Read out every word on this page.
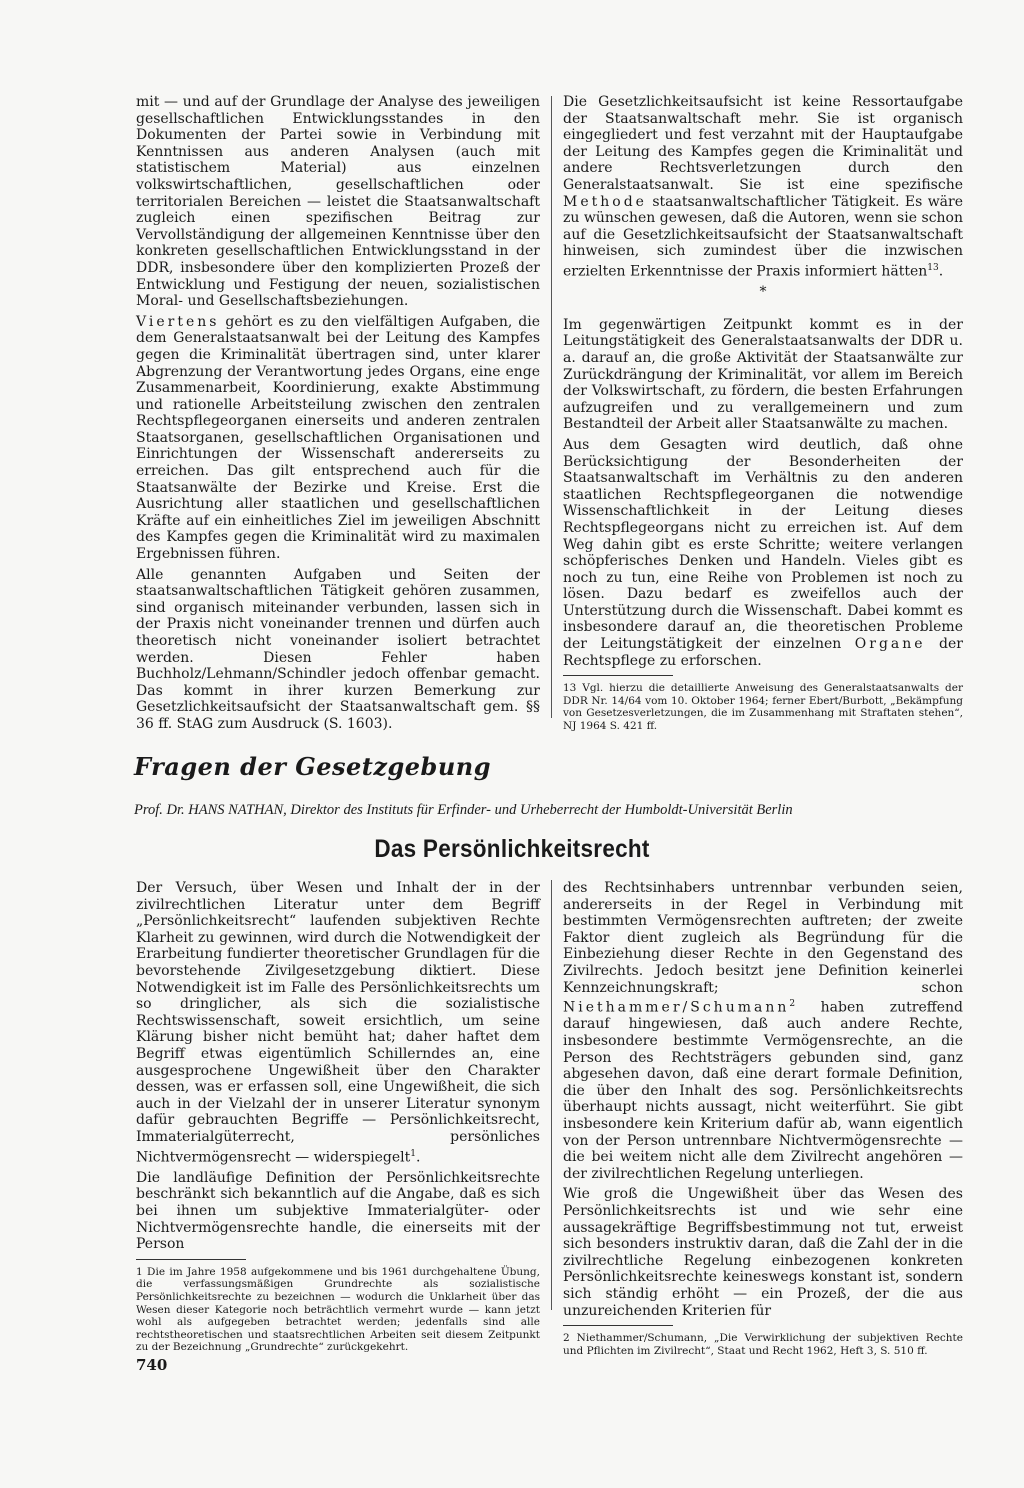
mit — und auf der Grundlage der Analyse des jeweiligen gesellschaftlichen Entwicklungsstandes in den Dokumenten der Partei sowie in Verbindung mit Kenntnissen aus anderen Analysen (auch mit statistischem Material) aus einzelnen volkswirtschaftlichen, gesellschaftlichen oder territorialen Bereichen — leistet die Staatsanwaltschaft zugleich einen spezifischen Beitrag zur Vervollständigung der allgemeinen Kenntnisse über den konkreten gesellschaftlichen Entwicklungsstand in der DDR, insbesondere über den komplizierten Prozeß der Entwicklung und Festigung der neuen, sozialistischen Moral- und Gesellschaftsbeziehungen.

Viertens gehört es zu den vielfältigen Aufgaben, die dem Generalstaatsanwalt bei der Leitung des Kampfes gegen die Kriminalität übertragen sind, unter klarer Abgrenzung der Verantwortung jedes Organs, eine enge Zusammenarbeit, Koordinierung, exakte Abstimmung und rationelle Arbeitsteilung zwischen den zentralen Rechtspflegeorganen einerseits und anderen zentralen Staatsorganen, gesellschaftlichen Organisationen und Einrichtungen der Wissenschaft andererseits zu erreichen. Das gilt entsprechend auch für die Staatsanwälte der Bezirke und Kreise. Erst die Ausrichtung aller staatlichen und gesellschaftlichen Kräfte auf ein einheitliches Ziel im jeweiligen Abschnitt des Kampfes gegen die Kriminalität wird zu maximalen Ergebnissen führen.

Alle genannten Aufgaben und Seiten der staatsanwaltschaftlichen Tätigkeit gehören zusammen, sind organisch miteinander verbunden, lassen sich in der Praxis nicht voneinander trennen und dürfen auch theoretisch nicht voneinander isoliert betrachtet werden. Diesen Fehler haben Buchholz/Lehmann/Schindler jedoch offenbar gemacht. Das kommt in ihrer kurzen Bemerkung zur Gesetzlichkeitsaufsicht der Staatsanwaltschaft gem. §§ 36 ff. StAG zum Ausdruck (S. 1603).

Die Gesetzlichkeitsaufsicht ist keine Ressortaufgabe der Staatsanwaltschaft mehr. Sie ist organisch eingegliedert und fest verzahnt mit der Hauptaufgabe der Leitung des Kampfes gegen die Kriminalität und andere Rechtsverletzungen durch den Generalstaatsanwalt. Sie ist eine spezifische Methode staatsanwaltschaftlicher Tätigkeit. Es wäre zu wünschen gewesen, daß die Autoren, wenn sie schon auf die Gesetzlichkeitsaufsicht der Staatsanwaltschaft hinweisen, sich zumindest über die inzwischen erzielten Erkenntnisse der Praxis informiert hätten$^{13}$.

*

Im gegenwärtigen Zeitpunkt kommt es in der Leitungstätigkeit des Generalstaatsanwalts der DDR u. a. darauf an, die große Aktivität der Staatsanwälte zur Zurückdrängung der Kriminalität, vor allem im Bereich der Volkswirtschaft, zu fördern, die besten Erfahrungen aufzugreifen und zu verallgemeinern und zum Bestandteil der Arbeit aller Staatsanwälte zu machen.

Aus dem Gesagten wird deutlich, daß ohne Berücksichtigung der Besonderheiten der Staatsanwaltschaft im Verhältnis zu den anderen staatlichen Rechtspflegeorganen die notwendige Wissenschaftlichkeit in der Leitung dieses Rechtspflegeorgans nicht zu erreichen ist. Auf dem Weg dahin gibt es erste Schritte; weitere verlangen schöpferisches Denken und Handeln. Vieles gibt es noch zu tun, eine Reihe von Problemen ist noch zu lösen. Dazu bedarf es zweifellos auch der Unterstützung durch die Wissenschaft. Dabei kommt es insbesondere darauf an, die theoretischen Probleme der Leitungstätigkeit der einzelnen Organe der Rechtspflege zu erforschen.

13 Vgl. hierzu die detaillierte Anweisung des Generalstaatsanwalts der DDR Nr. 14/64 vom 10. Oktober 1964; ferner Ebert/Burbott, „Bekämpfung von Gesetzesverletzungen, die im Zusammenhang mit Straftaten stehen“, NJ 1964 S. 421 ff.
Fragen der Gesetzgebung
Prof. Dr. HANS NATHAN, Direktor des Instituts für Erfinder- und Urheberrecht der Humboldt-Universität Berlin
Das Persönlichkeitsrecht

Der Versuch, über Wesen und Inhalt der in der zivilrechtlichen Literatur unter dem Begriff „Persönlichkeitsrecht“ laufenden subjektiven Rechte Klarheit zu gewinnen, wird durch die Notwendigkeit der Erarbeitung fundierter theoretischer Grundlagen für die bevorstehende Zivilgesetzgebung diktiert. Diese Notwendigkeit ist im Falle des Persönlichkeitsrechts um so dringlicher, als sich die sozialistische Rechtswissenschaft, soweit ersichtlich, um seine Klärung bisher nicht bemüht hat; daher haftet dem Begriff etwas eigentümlich Schillerndes an, eine ausgesprochene Ungewißheit über den Charakter dessen, was er erfassen soll, eine Ungewißheit, die sich auch in der Vielzahl der in unserer Literatur synonym dafür gebrauchten Begriffe — Persönlichkeitsrecht, Immaterialgüterrecht, persönliches Nichtvermögensrecht — widerspiegelt$^1$.

Die landläufige Definition der Persönlichkeitsrechte beschränkt sich bekanntlich auf die Angabe, daß es sich bei ihnen um subjektive Immaterialgüter- oder Nichtvermögensrechte handle, die einerseits mit der Person

1 Die im Jahre 1958 aufgekommene und bis 1961 durchgehaltene Übung, die verfassungsmäßigen Grundrechte als sozialistische Persönlichkeitsrechte zu bezeichnen — wodurch die Unklarheit über das Wesen dieser Kategorie noch beträchtlich vermehrt wurde — kann jetzt wohl als aufgegeben betrachtet werden; jedenfalls sind alle rechtstheoretischen und staatsrechtlichen Arbeiten seit diesem Zeitpunkt zu der Bezeichnung „Grundrechte“ zurückgekehrt.

des Rechtsinhabers untrennbar verbunden seien, andererseits in der Regel in Verbindung mit bestimmten Vermögensrechten auftreten; der zweite Faktor dient zugleich als Begründung für die Einbeziehung dieser Rechte in den Gegenstand des Zivilrechts. Jedoch besitzt jene Definition keinerlei Kennzeichnungskraft; schon Niethammer/Schumann$^2$ haben zutreffend darauf hingewiesen, daß auch andere Rechte, insbesondere bestimmte Vermögensrechte, an die Person des Rechtsträgers gebunden sind, ganz abgesehen davon, daß eine derart formale Definition, die über den Inhalt des sog. Persönlichkeitsrechts überhaupt nichts aussagt, nicht weiterführt. Sie gibt insbesondere kein Kriterium dafür ab, wann eigentlich von der Person untrennbare Nichtvermögensrechte — die bei weitem nicht alle dem Zivilrecht angehören — der zivilrechtlichen Regelung unterliegen.

Wie groß die Ungewißheit über das Wesen des Persönlichkeitsrechts ist und wie sehr eine aussagekräftige Begriffsbestimmung not tut, erweist sich besonders instruktiv daran, daß die Zahl der in die zivilrechtliche Regelung einbezogenen konkreten Persönlichkeitsrechte keineswegs konstant ist, sondern sich ständig erhöht — ein Prozeß, der die aus unzureichenden Kriterien für

2 Niethammer/Schumann, „Die Verwirklichung der subjektiven Rechte und Pflichten im Zivilrecht“, Staat und Recht 1962, Heft 3, S. 510 ff.
740
